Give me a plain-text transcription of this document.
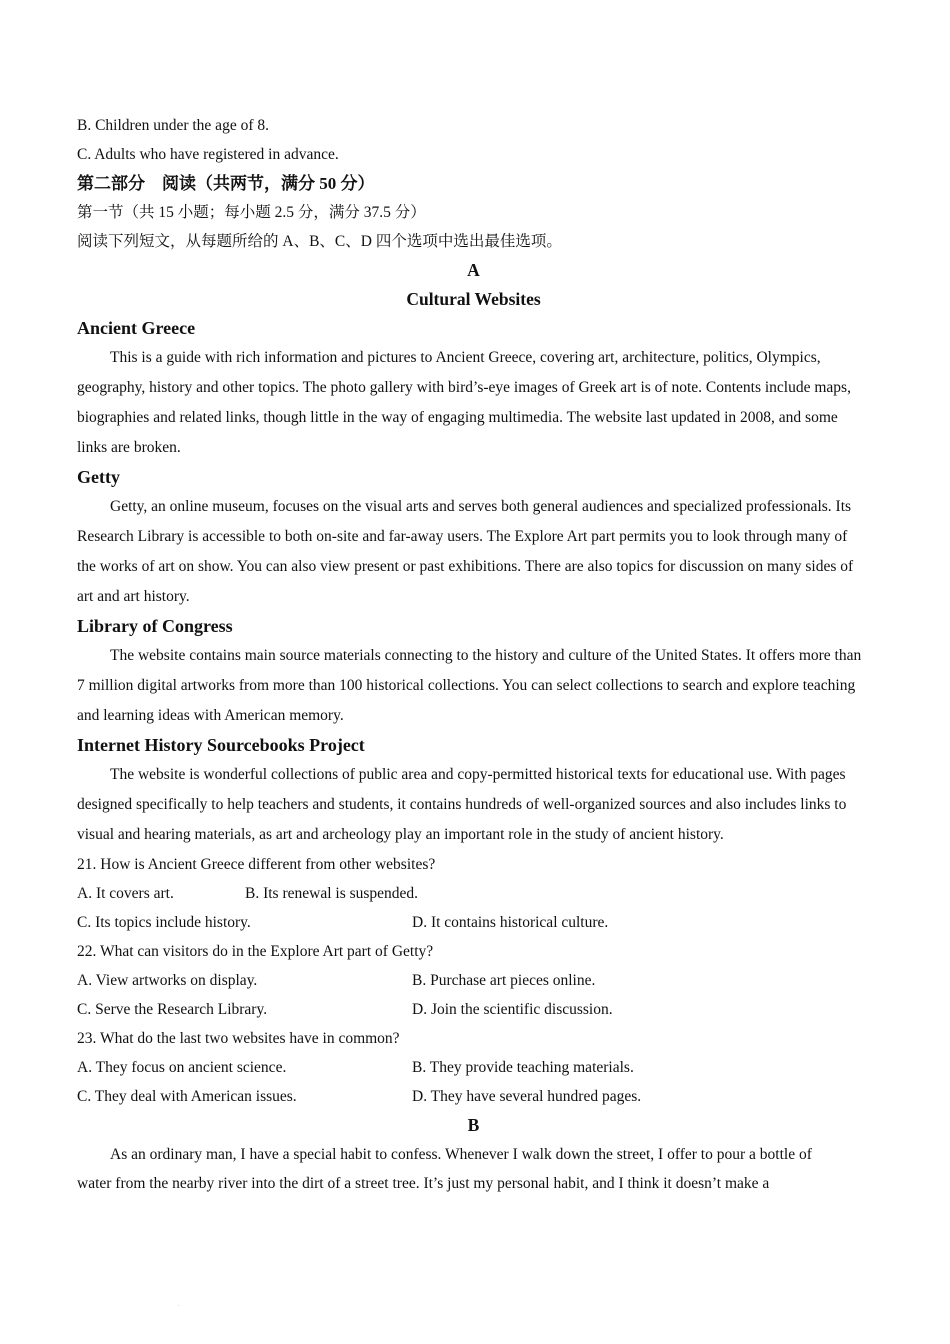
B. Children under the age of 8.
C. Adults who have registered in advance.
第二部分　阅读（共两节，满分 50 分）
第一节（共 15 小题；每小题 2.5 分，满分 37.5 分）
阅读下列短文，从每题所给的 A、B、C、D 四个选项中选出最佳选项。
A
Cultural Websites
Ancient Greece

This is a guide with rich information and pictures to Ancient Greece, covering art, architecture, politics, Olympics, geography, history and other topics. The photo gallery with bird’s-eye images of Greek art is of note. Contents include maps, biographies and related links, though little in the way of engaging multimedia. The website last updated in 2008, and some links are broken.

Getty

Getty, an online museum, focuses on the visual arts and serves both general audiences and specialized professionals. Its Research Library is accessible to both on-site and far-away users. The Explore Art part permits you to look through many of the works of art on show. You can also view present or past exhibitions. There are also topics for discussion on many sides of art and art history.

Library of Congress

The website contains main source materials connecting to the history and culture of the United States. It offers more than 7 million digital artworks from more than 100 historical collections. You can select collections to search and explore teaching and learning ideas with American memory.

Internet History Sourcebooks Project

The website is wonderful collections of public area and copy-permitted historical texts for educational use. With pages designed specifically to help teachers and students, it contains hundreds of well-organized sources and also includes links to visual and hearing materials, as art and archeology play an important role in the study of ancient history.

21. How is Ancient Greece different from other websites?
A. It covers art.	B. Its renewal is suspended.
C. Its topics include history.	D. It contains historical culture.
22. What can visitors do in the Explore Art part of Getty?
A. View artworks on display.	B. Purchase art pieces online.
C. Serve the Research Library.	D. Join the scientific discussion.
23. What do the last two websites have in common?
A. They focus on ancient science.	B. They provide teaching materials.
C. They deal with American issues.	D. They have several hundred pages.
B
As an ordinary man, I have a special habit to confess. Whenever I walk down the street, I offer to pour a bottle of
water from the nearby river into the dirt of a street tree. It’s just my personal habit, and I think it doesn’t make a
.
